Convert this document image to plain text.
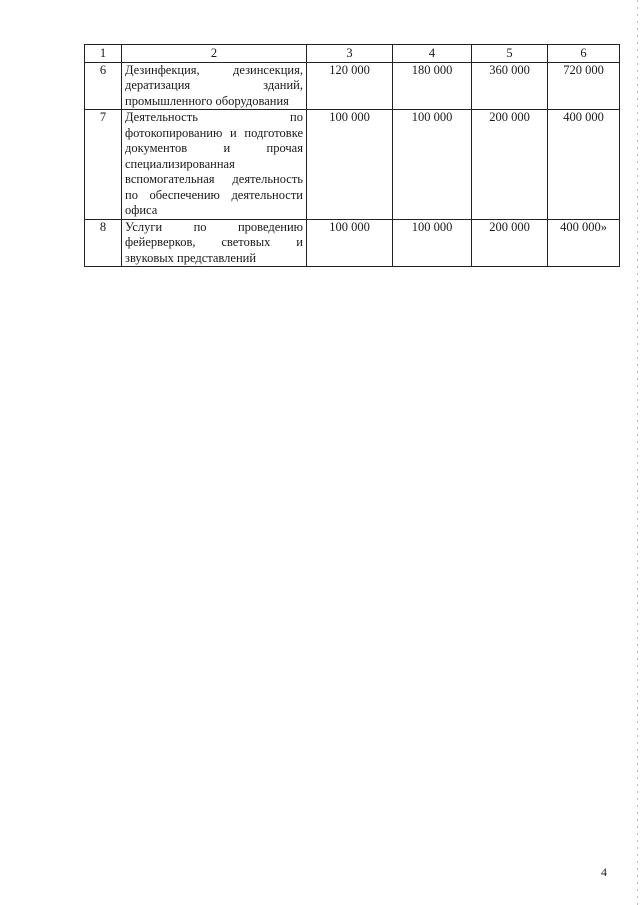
1	2	3	4	5	6
6	Дезинфекция, дезинсекция, дератизация зданий, промышленного оборудования	120 000	180 000	360 000	720 000
7	Деятельность по фотокопированию и подготовке документов и прочая специализированная вспомогательная деятельность по обеспечению деятельности офиса	100 000	100 000	200 000	400 000
8	Услуги по проведению фейерверков, световых и звуковых представлений	100 000	100 000	200 000	400 000»
4
